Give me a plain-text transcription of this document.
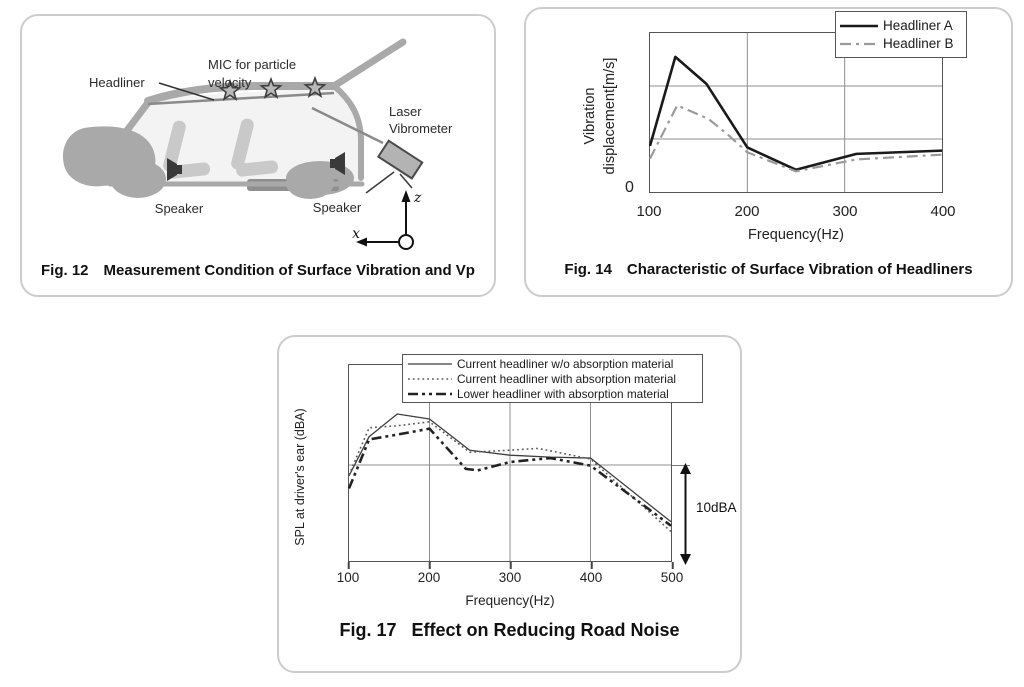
Headliner
MIC for particle
velocity
Laser
Vibrometer
Speaker	Speaker
z
x
Fig. 12 Measurement Condition of Surface Vibration and Vp
Vibration displacement[m/s]
0
Headliner A
Headliner B
100	200	300	400
Frequency(Hz)
Fig. 14 Characteristic of Surface Vibration of Headliners
SPL at driver's ear (dBA)
Current headliner w/o absorption material
Current headliner with absorption material
Lower headliner with absorption material
10dBA
100	200	300	400	500
Frequency(Hz)
Fig. 17 Effect on Reducing Road Noise
